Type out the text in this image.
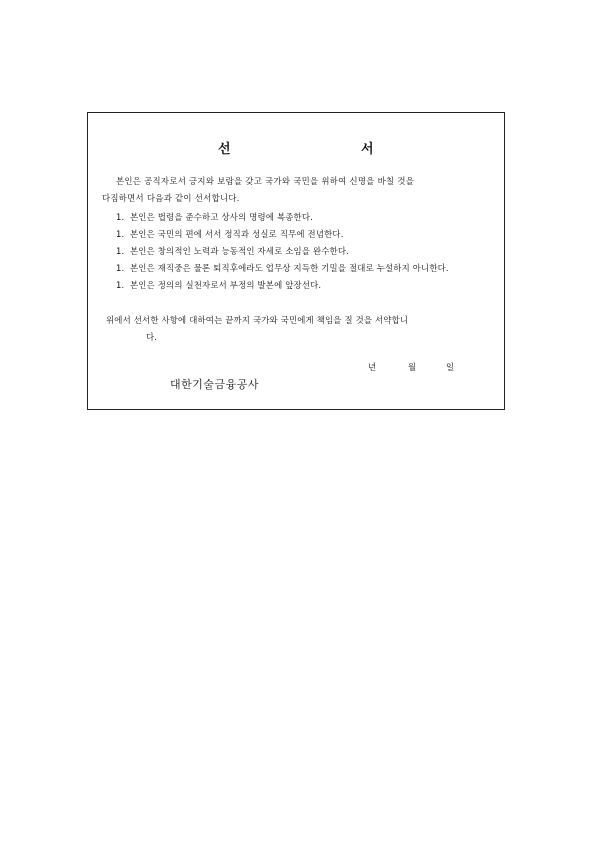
선	서
본인은 공직자로서 긍지와 보람을 갖고 국가와 국민을 위하여 신명을 바칠 것을
다짐하면서 다음과 같이 선서합니다.
1. 본인은 법령을 준수하고 상사의 명령에 복종한다.
1. 본인은 국민의 편에 서서 정직과 성실로 직무에 전념한다.
1. 본인은 창의적인 노력과 능동적인 자세로 소임을 완수한다.
1. 본인은 재직중은 물론 퇴직후에라도 업무상 지득한 기밀을 절대로 누설하지 아니한다.
1. 본인은 정의의 실천자로서 부정의 발본에 앞장선다.
위에서 선서한 사항에 대하여는 끝까지 국가와 국민에게 책임을 질 것을 서약합니
다.
년	월	일
대한기술금융공사
